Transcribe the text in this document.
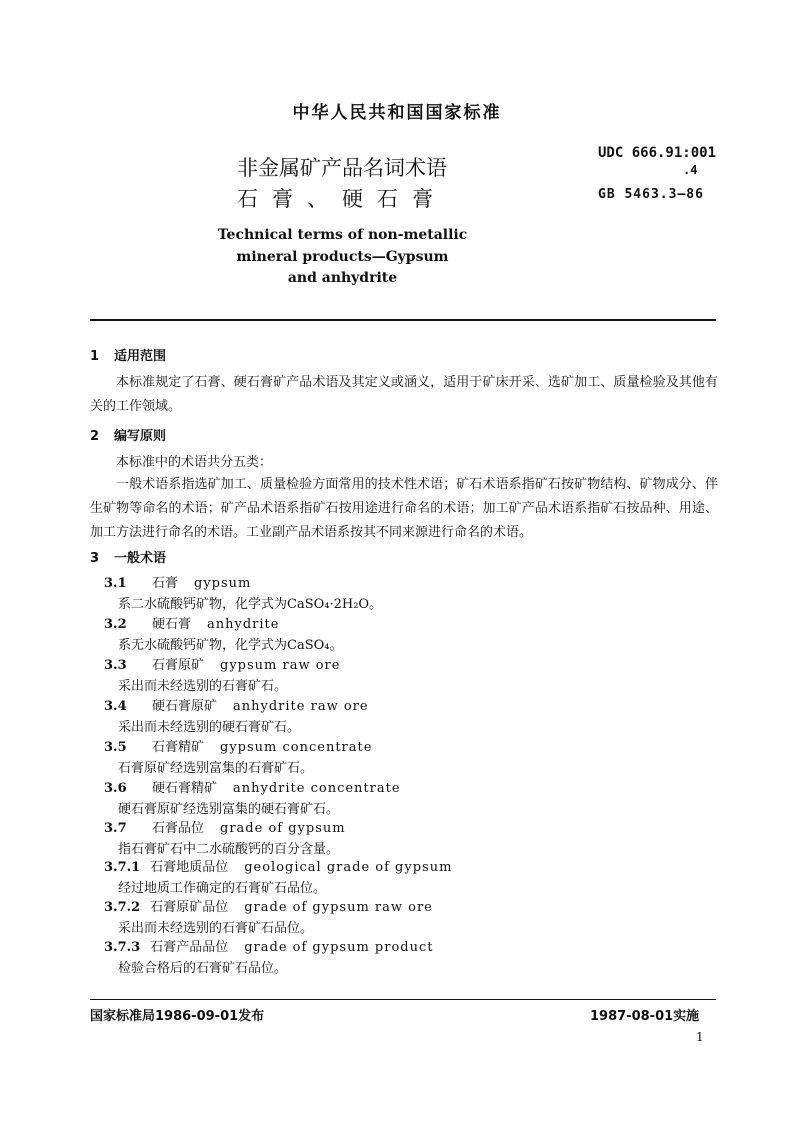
中华人民共和国国家标准
UDC 666.91:001
.4
GB 5463.3—86
非金属矿产品名词术语
石膏、硬石膏
Technical terms of non-metallic
mineral products—Gypsum
and anhydrite
1 适用范围
本标准规定了石膏、硬石膏矿产品术语及其定义或涵义，适用于矿床开采、选矿加工、质量检验及其他有关的工作领域。
2 编写原则
本标准中的术语共分五类：
一般术语系指选矿加工、质量检验方面常用的技术性术语；矿石术语系指矿石按矿物结构、矿物成分、伴生矿物等命名的术语；矿产品术语系指矿石按用途进行命名的术语；加工矿产品术语系指矿石按品种、用途、加工方法进行命名的术语。工业副产品术语系按其不同来源进行命名的术语。
3 一般术语
3.1 石膏 gypsum
系二水硫酸钙矿物，化学式为CaSO₄·2H₂O。
3.2 硬石膏 anhydrite
系无水硫酸钙矿物，化学式为CaSO₄。
3.3 石膏原矿 gypsum raw ore
采出而未经选别的石膏矿石。
3.4 硬石膏原矿 anhydrite raw ore
采出而未经选别的硬石膏矿石。
3.5 石膏精矿 gypsum concentrate
石膏原矿经选别富集的石膏矿石。
3.6 硬石膏精矿 anhydrite concentrate
硬石膏原矿经选别富集的硬石膏矿石。
3.7 石膏品位 grade of gypsum
指石膏矿石中二水硫酸钙的百分含量。
3.7.1 石膏地质品位 geological grade of gypsum
经过地质工作确定的石膏矿石品位。
3.7.2 石膏原矿品位 grade of gypsum raw ore
采出而未经选别的石膏矿石品位。
3.7.3 石膏产品品位 grade of gypsum product
检验合格后的石膏矿石品位。
国家标准局1986-09-01发布	1987-08-01实施
1
